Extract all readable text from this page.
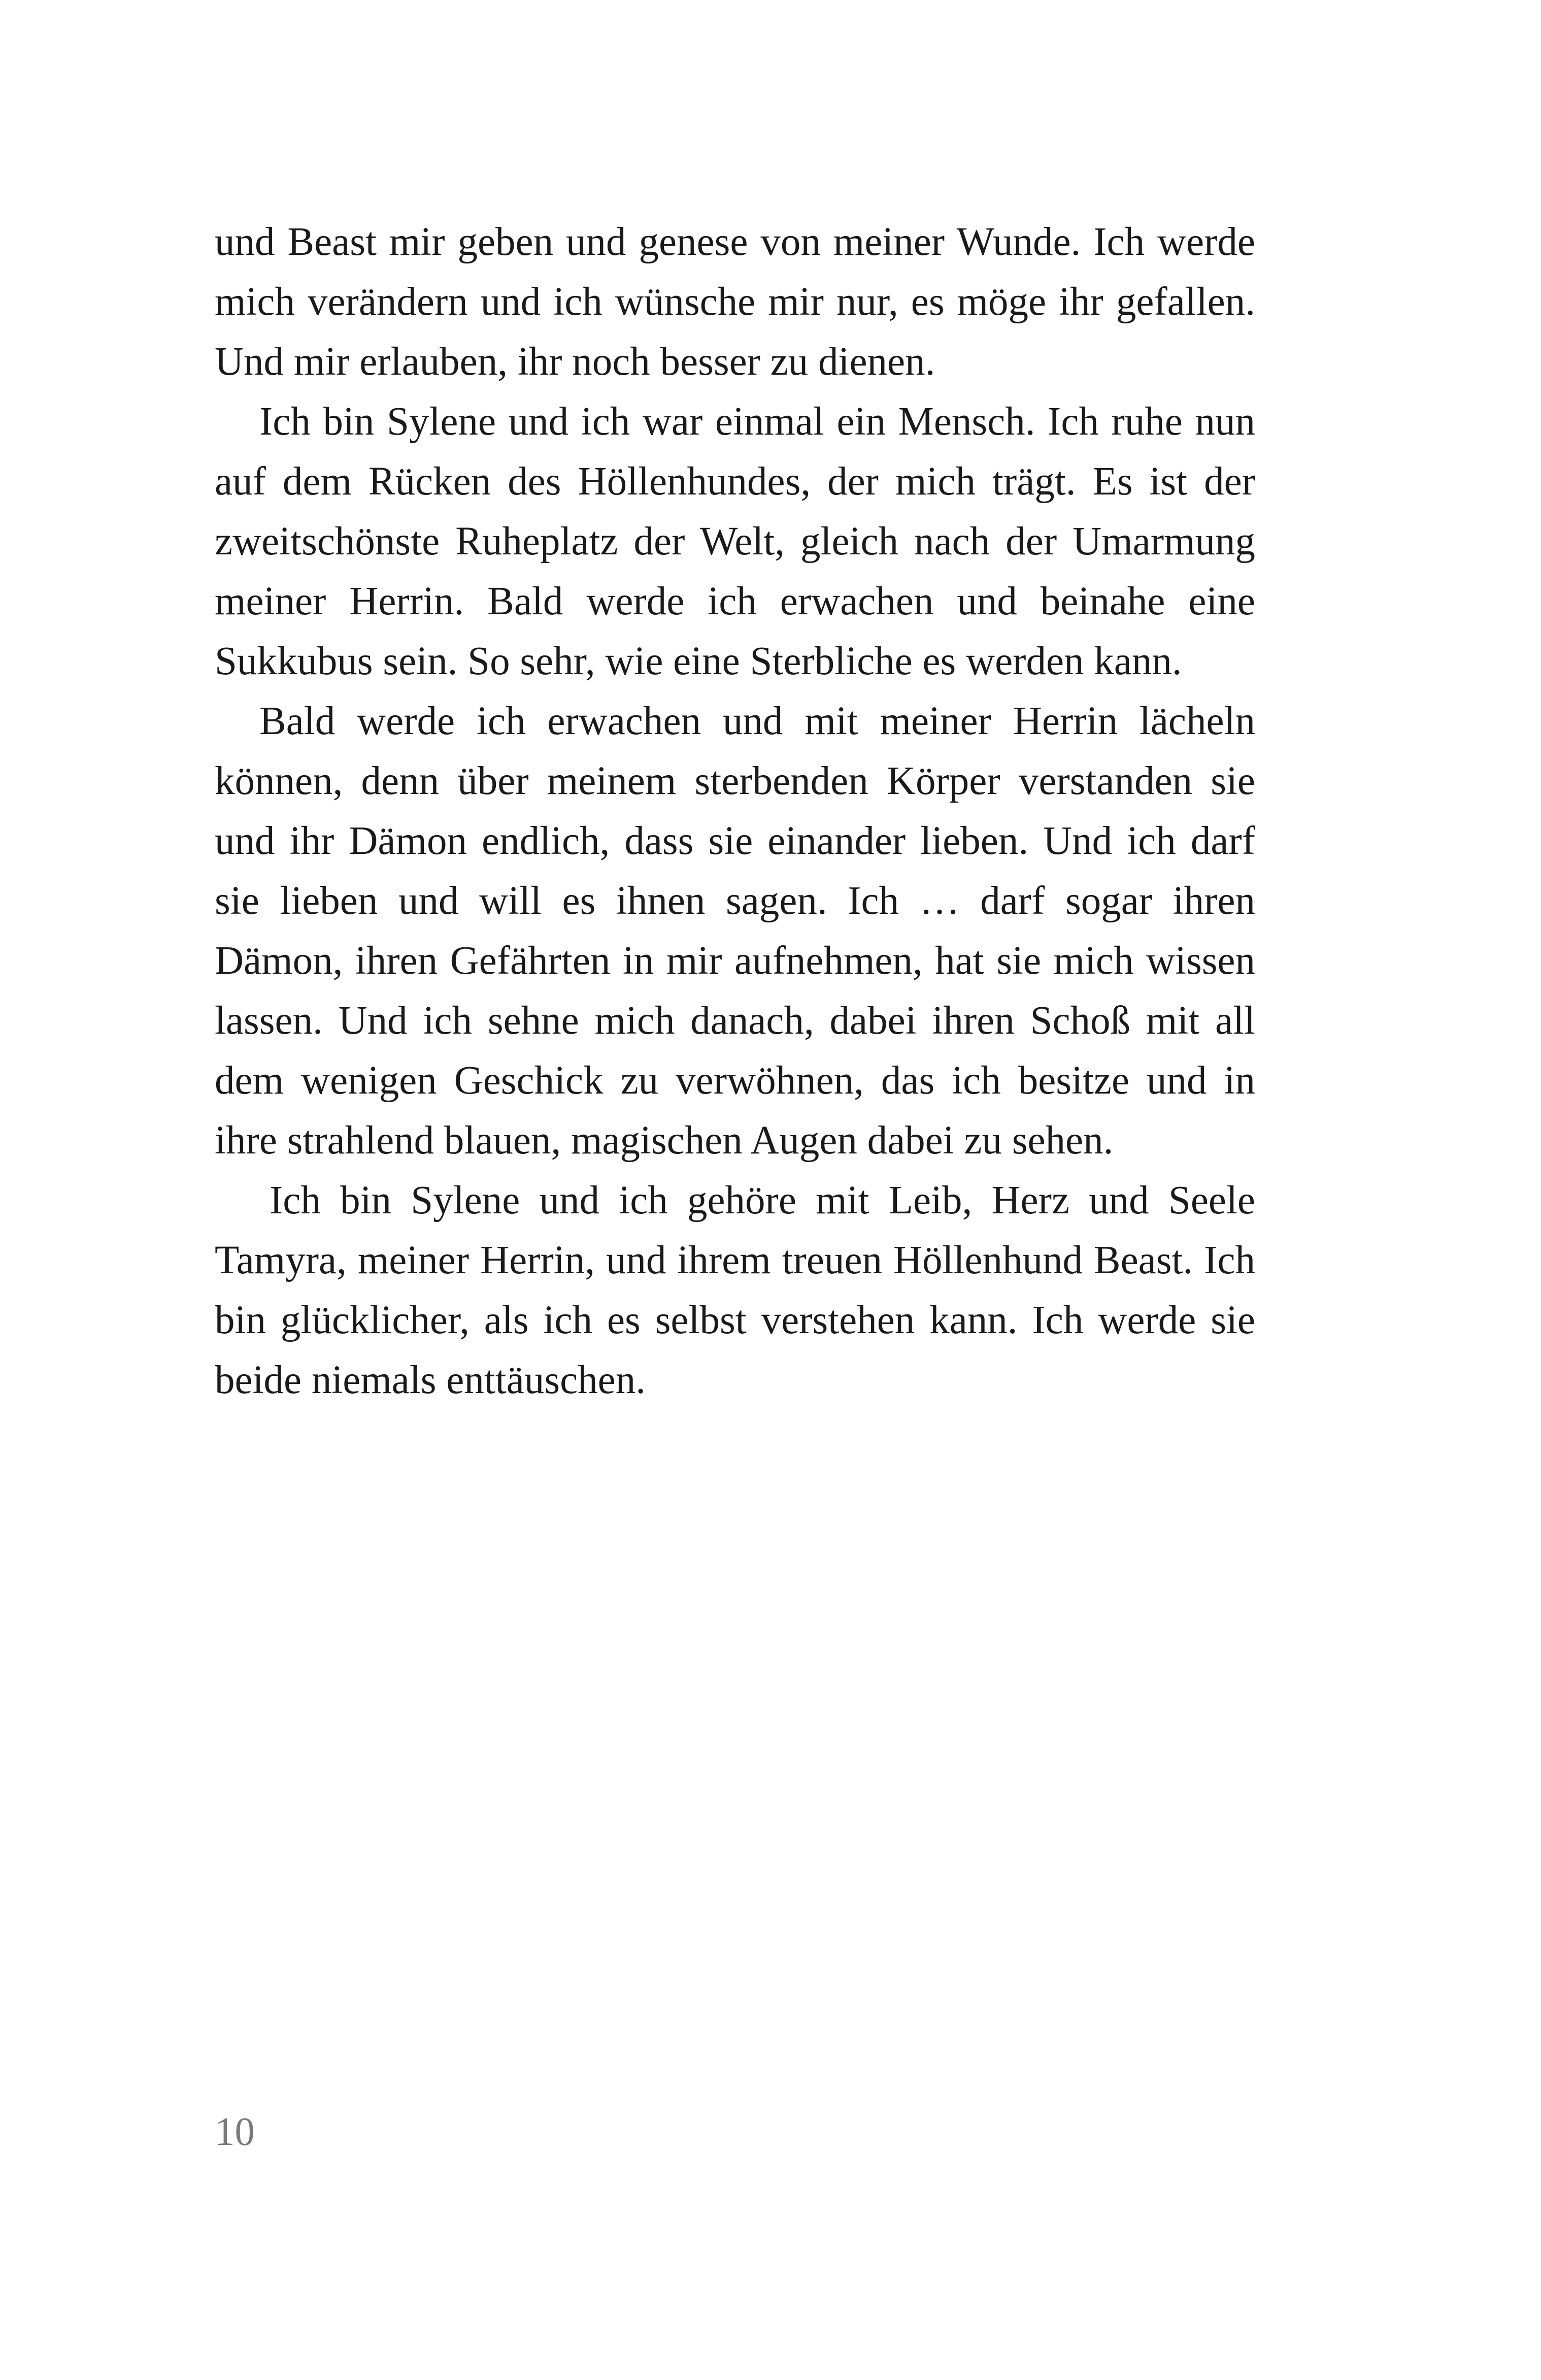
und Beast mir geben und genese von meiner Wunde. Ich werde mich verändern und ich wünsche mir nur, es möge ihr gefallen. Und mir erlauben, ihr noch besser zu dienen.

Ich bin Sylene und ich war einmal ein Mensch. Ich ruhe nun auf dem Rücken des Höllenhundes, der mich trägt. Es ist der zweitschönste Ruheplatz der Welt, gleich nach der Umarmung meiner Herrin. Bald werde ich erwachen und beinahe eine Sukkubus sein. So sehr, wie eine Sterbliche es werden kann.

Bald werde ich erwachen und mit meiner Herrin lächeln können, denn über meinem sterbenden Körper verstanden sie und ihr Dämon endlich, dass sie einander lieben. Und ich darf sie lieben und will es ihnen sagen. Ich … darf sogar ihren Dämon, ihren Gefährten in mir aufnehmen, hat sie mich wissen lassen. Und ich sehne mich danach, dabei ihren Schoß mit all dem wenigen Geschick zu verwöhnen, das ich besitze und in ihre strahlend blauen, magischen Augen dabei zu sehen.

Ich bin Sylene und ich gehöre mit Leib, Herz und Seele Tamyra, meiner Herrin, und ihrem treuen Höllenhund Beast. Ich bin glücklicher, als ich es selbst verstehen kann. Ich werde sie beide niemals enttäuschen.

10
